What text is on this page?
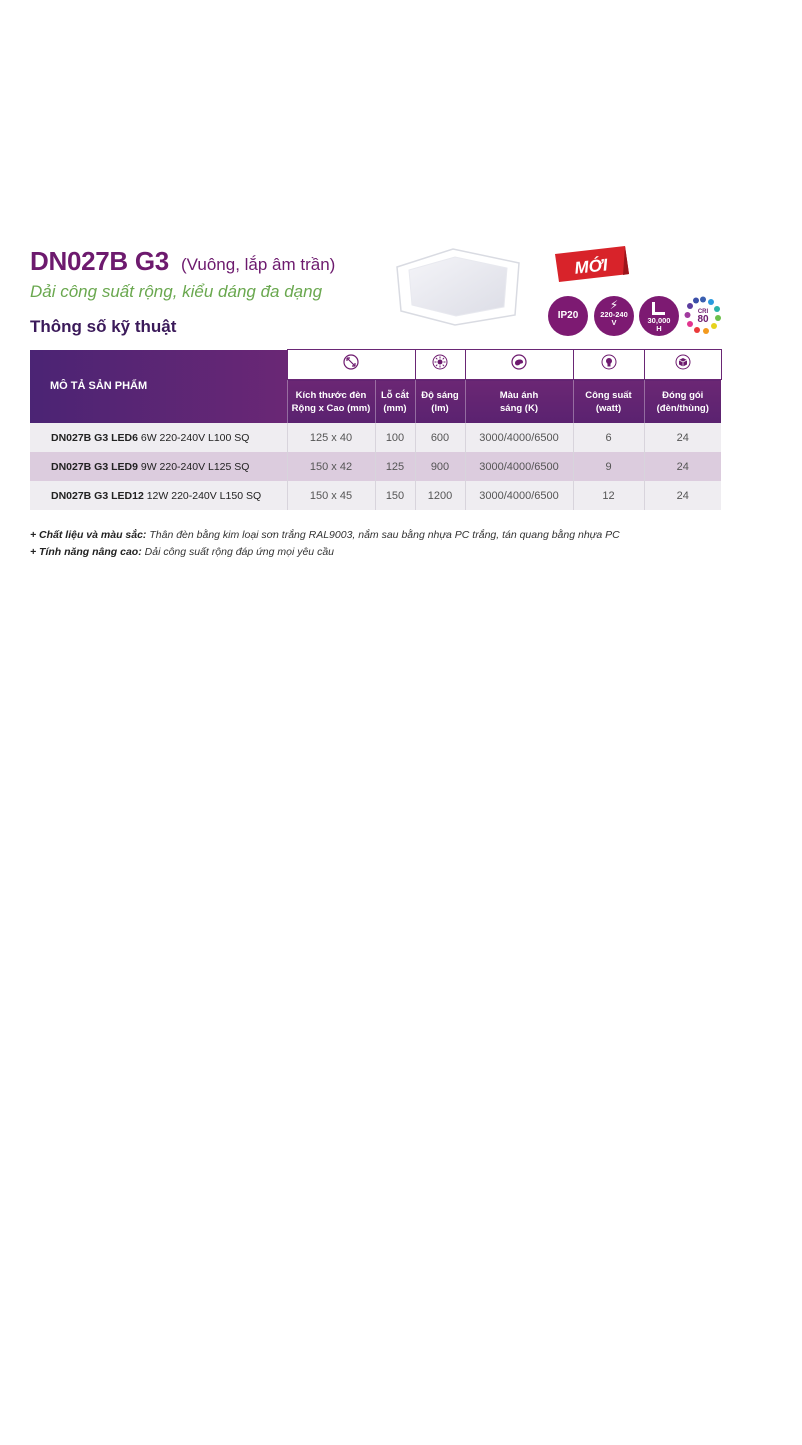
DN027B G3 (Vuông, lắp âm trần)
Dải công suất rộng, kiểu dáng đa dạng
Thông số kỹ thuật
MỚI
IP20
⚡
220-240
V	30,000
H
CRI
80
MÔ TẢ SẢN PHẨM					
	Kích thước đèn
Rộng x Cao (mm)	Lỗ cắt
(mm)	Độ sáng
(lm)	Màu ánh
sáng (K)	Công suất
(watt)	Đóng gói
(đèn/thùng)
DN027B G3 LED6 6W 220-240V L100 SQ	125 x 40	100	600	3000/4000/6500	6	24
DN027B G3 LED9 9W 220-240V L125 SQ	150 x 42	125	900	3000/4000/6500	9	24
DN027B G3 LED12 12W 220-240V L150 SQ	150 x 45	150	1200	3000/4000/6500	12	24
+ Chất liệu và màu sắc: Thân đèn bằng kim loại sơn trắng RAL9003, nắm sau bằng nhựa PC trắng, tán quang bằng nhựa PC
+ Tính năng nâng cao: Dải công suất rộng đáp ứng mọi yêu cầu
